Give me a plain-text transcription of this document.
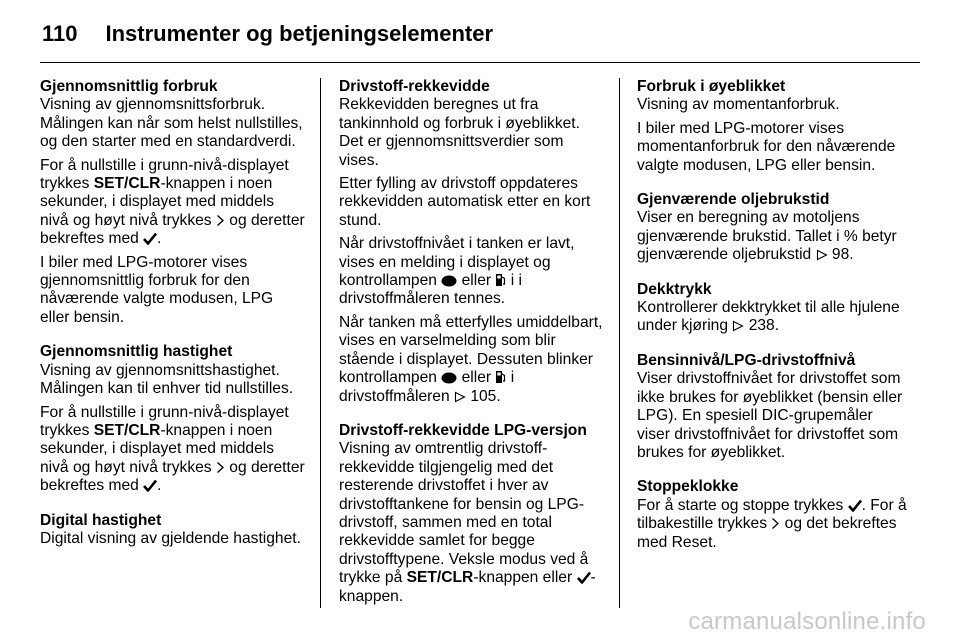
110 Instrumenter og betjeningselementer
Gjennomsnittlig forbruk

Visning av gjennomsnittsforbruk. Målingen kan når som helst nullstilles, og den starter med en standardverdi.

For å nullstille i grunn-nivå-displayet trykkes SET/CLR-knappen i noen sekunder, i displayet med middels nivå og høyt nivå trykkes  og deretter bekreftes med .

I biler med LPG-motorer vises gjennomsnittlig forbruk for den nåværende valgte modusen, LPG eller bensin.

Gjennomsnittlig hastighet

Visning av gjennomsnittshastighet. Målingen kan til enhver tid nullstilles.

For å nullstille i grunn-nivå-displayet trykkes SET/CLR-knappen i noen sekunder, i displayet med middels nivå og høyt nivå trykkes  og deretter bekreftes med .

Digital hastighet

Digital visning av gjeldende hastighet.

Drivstoff-rekkevidde

Rekkevidden beregnes ut fra tankinnhold og forbruk i øyeblikket. Det er gjennomsnittsverdier som vises.

Etter fylling av drivstoff oppdateres rekkevidden automatisk etter en kort stund.

Når drivstoffnivået i tanken er lavt, vises en melding i displayet og kontrollampen  eller  i i drivstoffmåleren tennes.

Når tanken må etterfylles umiddelbart, vises en varselmelding som blir stående i displayet. Dessuten blinker kontrollampen  eller  i drivstoffmåleren  105.

Drivstoff-rekkevidde LPG-versjon

Visning av omtrentlig drivstoff-rekkevidde tilgjengelig med det resterende drivstoffet i hver av drivstofftankene for bensin og LPG-drivstoff, sammen med en total rekkevidde samlet for begge drivstofftypene. Veksle modus ved å trykke på SET/CLR-knappen eller -knappen.

Forbruk i øyeblikket

Visning av momentanforbruk.

I biler med LPG-motorer vises momentanforbruk for den nåværende valgte modusen, LPG eller bensin.

Gjenværende oljebrukstid

Viser en beregning av motoljens gjenværende brukstid. Tallet i % betyr gjenværende oljebrukstid  98.

Dekktrykk

Kontrollerer dekktrykket til alle hjulene under kjøring  238.

Bensinnivå/LPG-drivstoffnivå

Viser drivstoffnivået for drivstoffet som ikke brukes for øyeblikket (bensin eller LPG). En spesiell DIC-grupemåler viser drivstoffnivået for drivstoffet som brukes for øyeblikket.

Stoppeklokke

For å starte og stoppe trykkes . For å tilbakestille trykkes  og det bekreftes med Reset.

carmanualsonline.info
